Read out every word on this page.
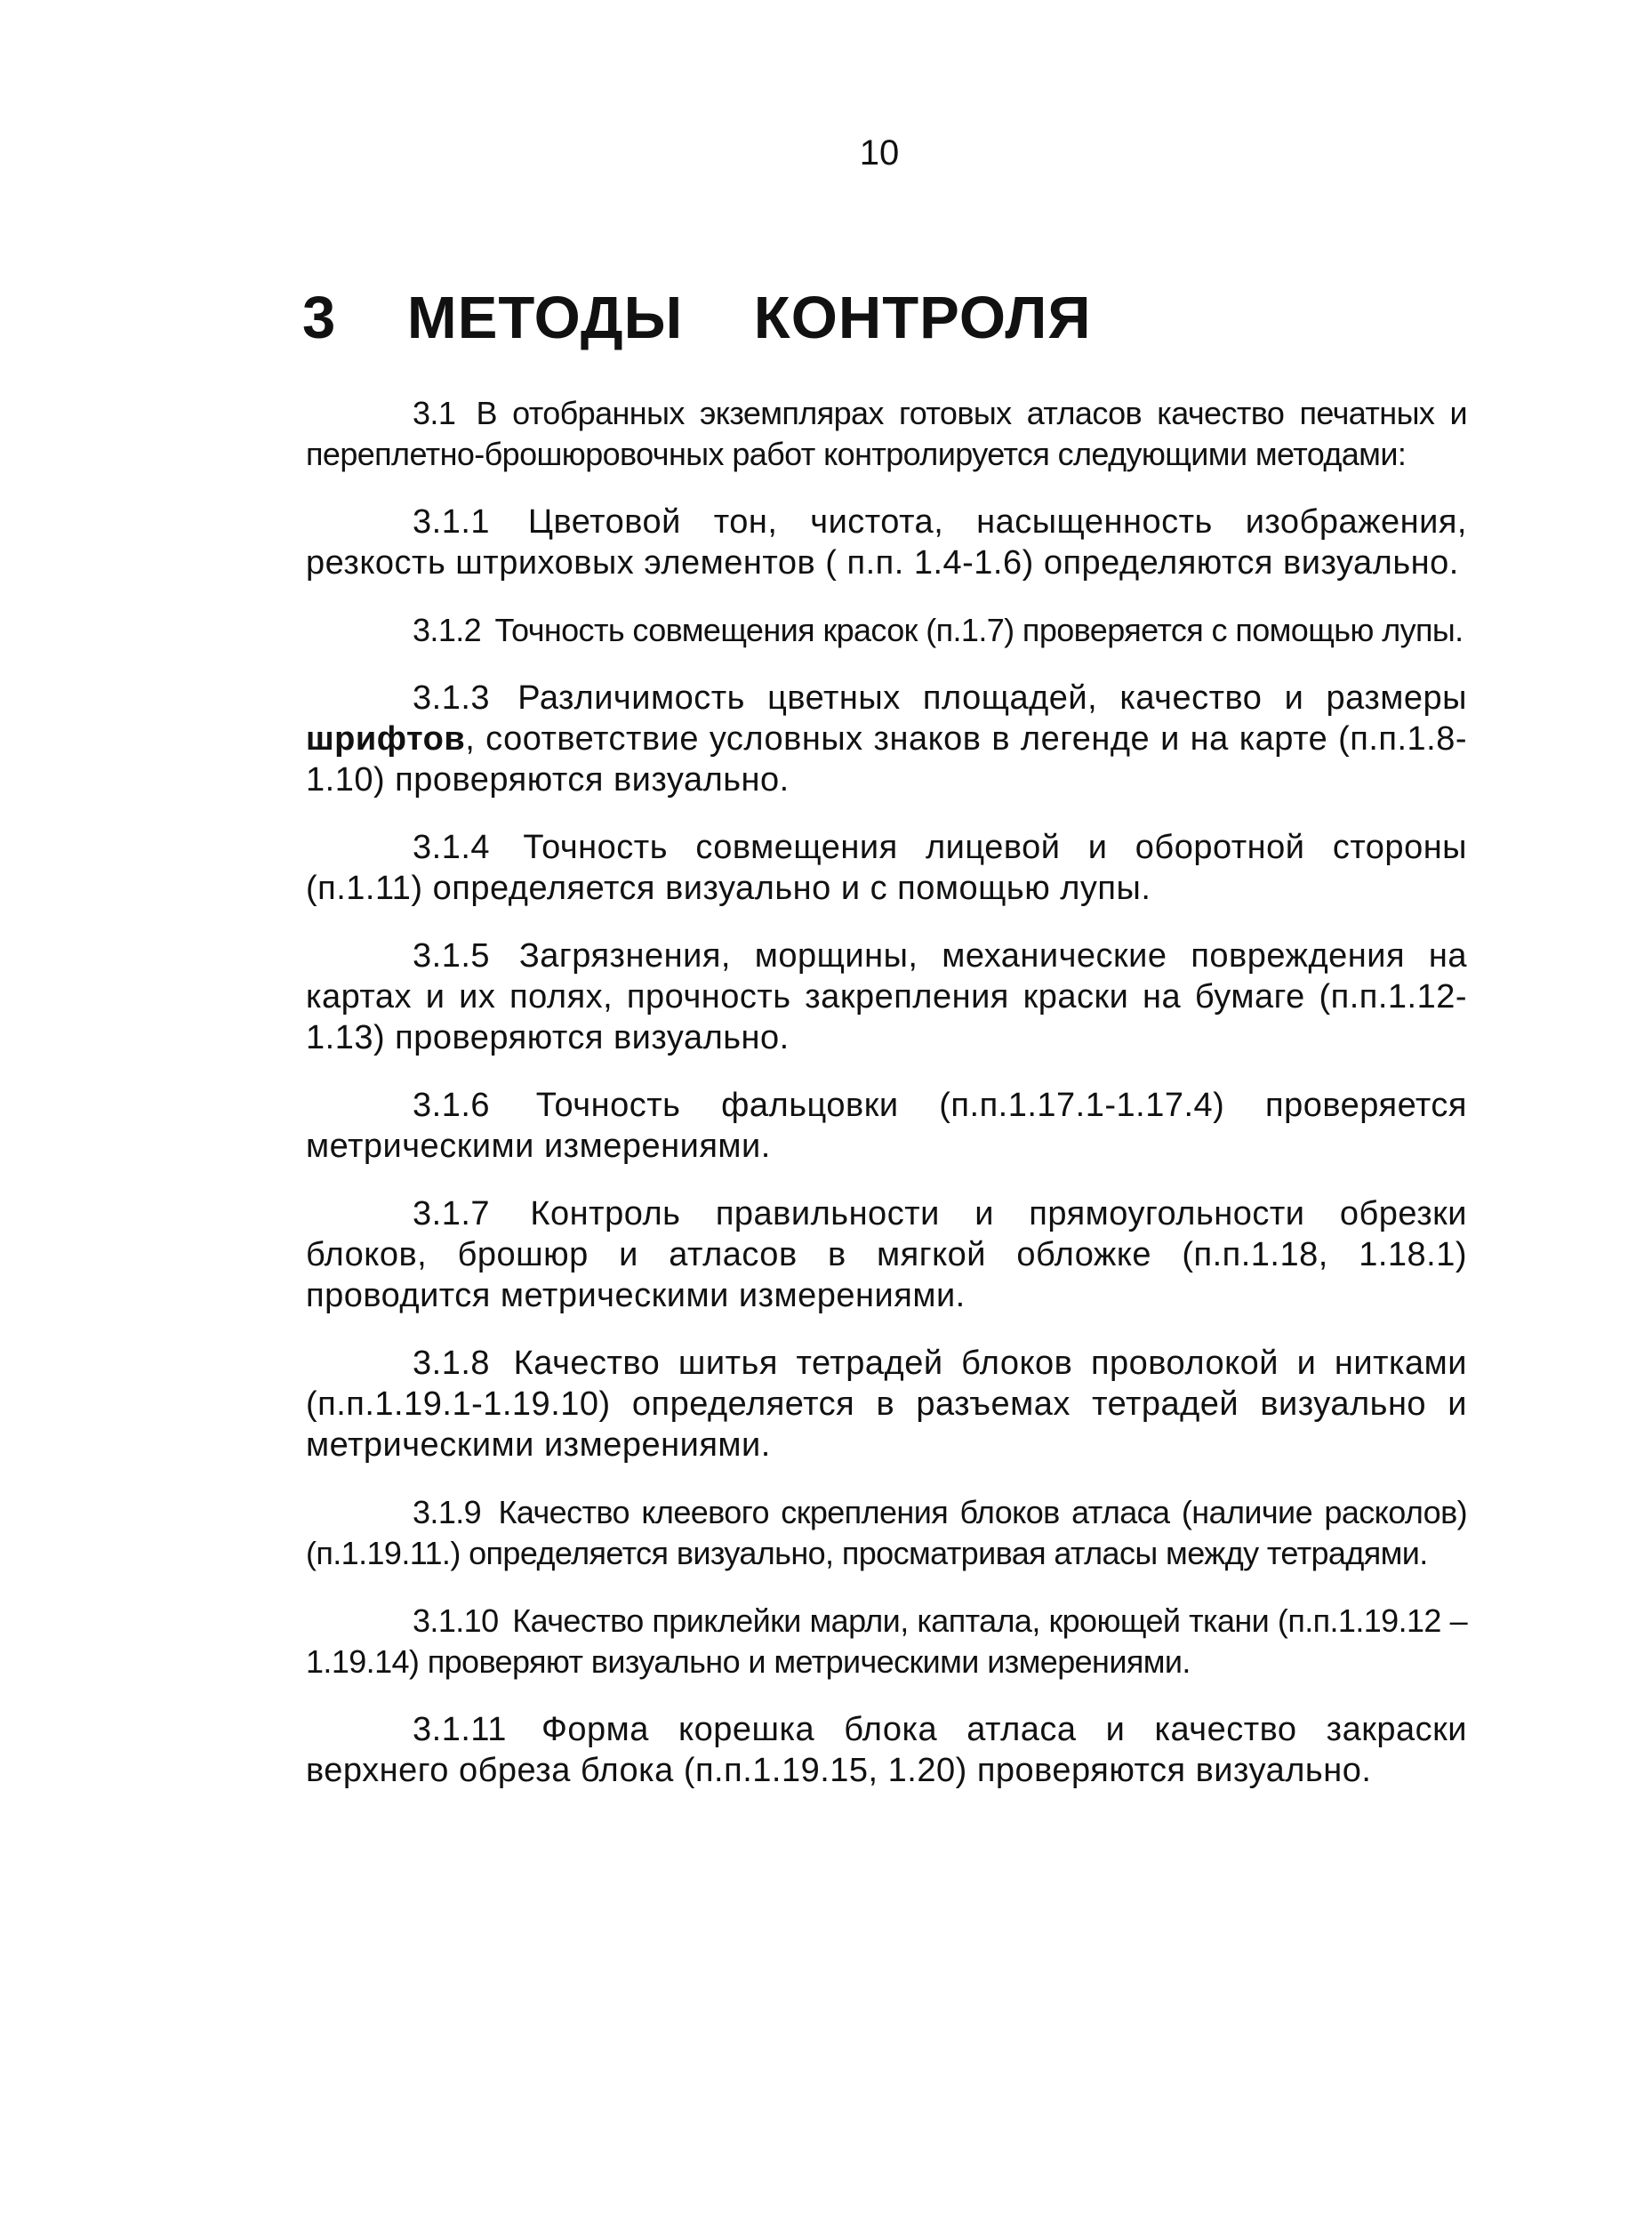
10
3 МЕТОДЫ КОНТРОЛЯ

3.1 В отобранных экземплярах готовых атласов качество печатных и переплетно-брошюровочных работ контролируется следующими методами:

3.1.1 Цветовой тон, чистота, насыщенность изображения, резкость штриховых элементов ( п.п. 1.4-1.6) определяются визуально.

3.1.2 Точность совмещения красок (п.1.7) проверяется с помощью лупы.

3.1.3 Различимость цветных площадей, качество и размеры шрифтов, соответствие условных знаков в легенде и на карте (п.п.1.8-1.10) проверяются визуально.

3.1.4 Точность совмещения лицевой и оборотной стороны (п.1.11) определяется визуально и с помощью лупы.

3.1.5 Загрязнения, морщины, механические повреждения на картах и их полях, прочность закрепления краски на бумаге (п.п.1.12-1.13) проверяются визуально.

3.1.6 Точность фальцовки (п.п.1.17.1-1.17.4) проверяется метрическими измерениями.

3.1.7 Контроль правильности и прямоугольности обрезки блоков, брошюр и атласов в мягкой обложке (п.п.1.18, 1.18.1) проводится метрическими измерениями.

3.1.8 Качество шитья тетрадей блоков проволокой и нитками (п.п.1.19.1-1.19.10) определяется в разъемах тетрадей визуально и метрическими измерениями.

3.1.9 Качество клеевого скрепления блоков атласа (наличие расколов) (п.1.19.11.) определяется визуально, просматривая атласы между тетрадями.

3.1.10 Качество приклейки марли, каптала, кроющей ткани (п.п.1.19.12 – 1.19.14) проверяют визуально и метрическими измерениями.

3.1.11 Форма корешка блока атласа и качество закраски верхнего обреза блока (п.п.1.19.15, 1.20) проверяются визуально.
